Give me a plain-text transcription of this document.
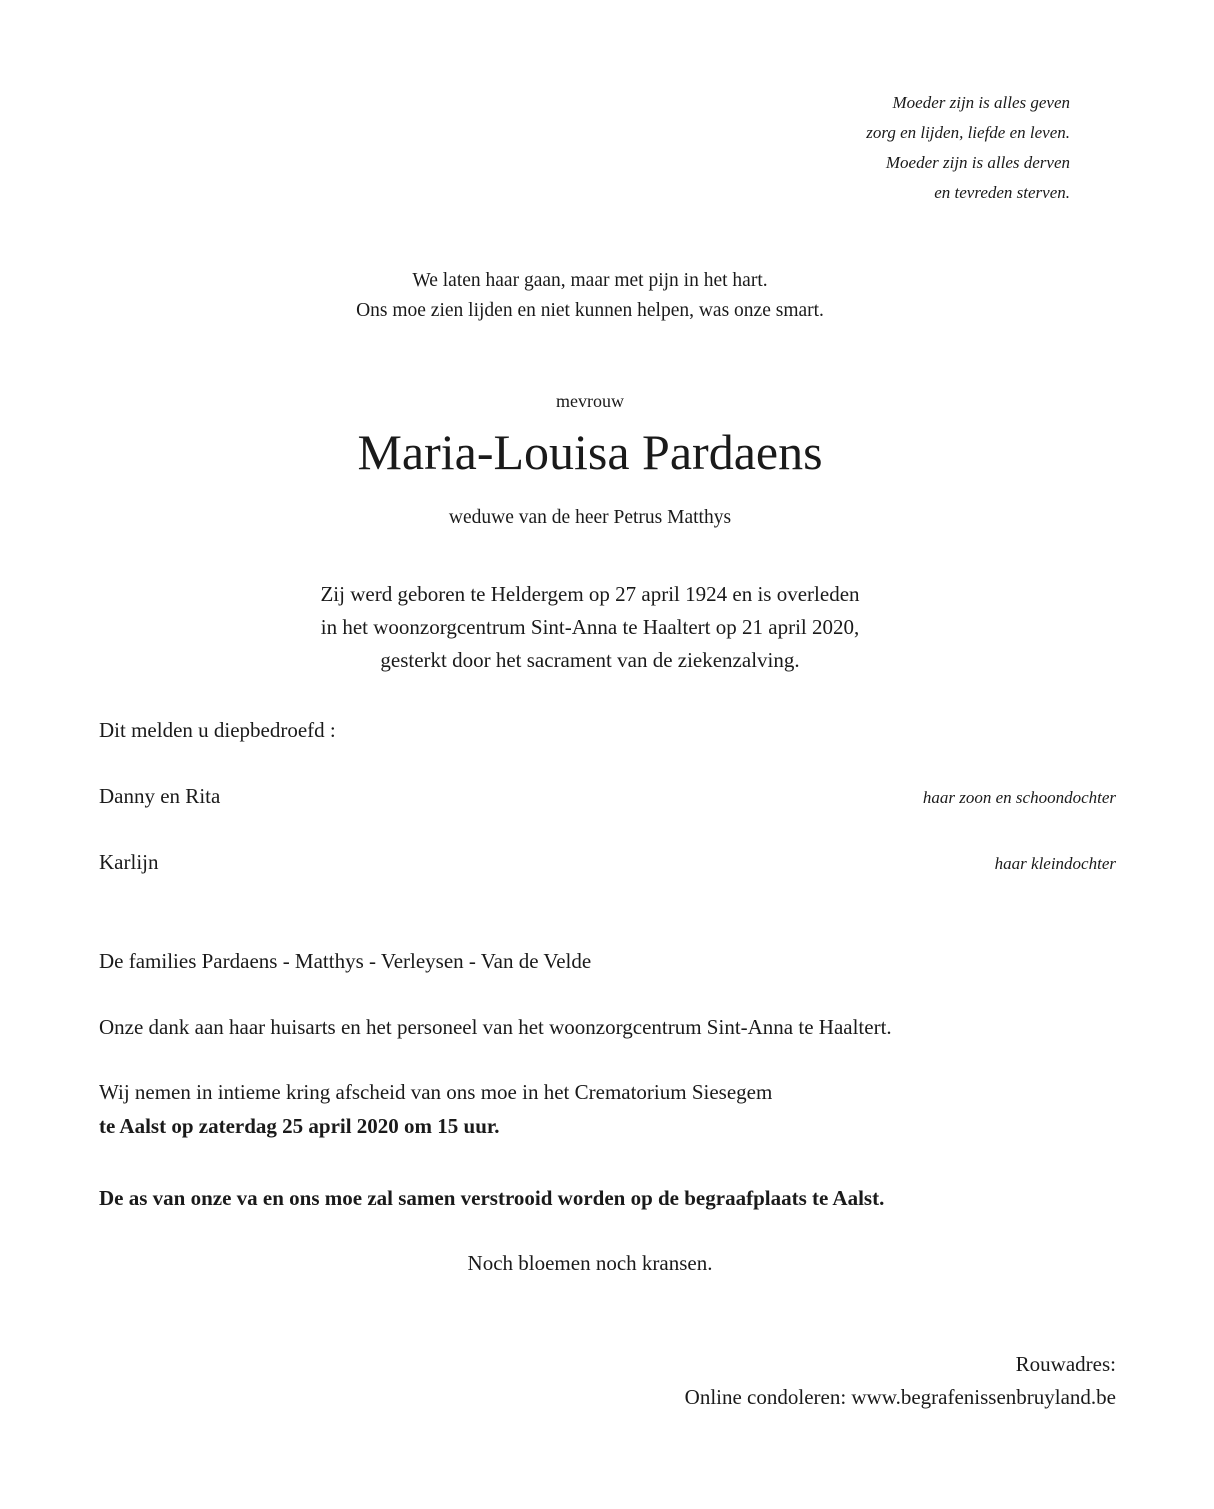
Moeder zijn is alles geven
zorg en lijden, liefde en leven.
Moeder zijn is alles derven
en tevreden sterven.
We laten haar gaan, maar met pijn in het hart.
Ons moe zien lijden en niet kunnen helpen, was onze smart.
mevrouw
Maria-Louisa Pardaens
weduwe van de heer Petrus Matthys
Zij werd geboren te Heldergem op 27 april 1924 en is overleden
in het woonzorgcentrum Sint-Anna te Haaltert op 21 april 2020,
gesterkt door het sacrament van de ziekenzalving.
Dit melden u diepbedroefd :
Danny en Rita	haar zoon en schoondochter
Karlijn	haar kleindochter
De families Pardaens - Matthys - Verleysen - Van de Velde
Onze dank aan haar huisarts en het personeel van het woonzorgcentrum Sint-Anna te Haaltert.
Wij nemen in intieme kring afscheid van ons moe in het Crematorium Siesegem
te Aalst op zaterdag 25 april 2020 om 15 uur.
De as van onze va en ons moe zal samen verstrooid worden op de begraafplaats te Aalst.
Noch bloemen noch kransen.
Rouwadres:
Online condoleren: www.begrafenissenbruyland.be
